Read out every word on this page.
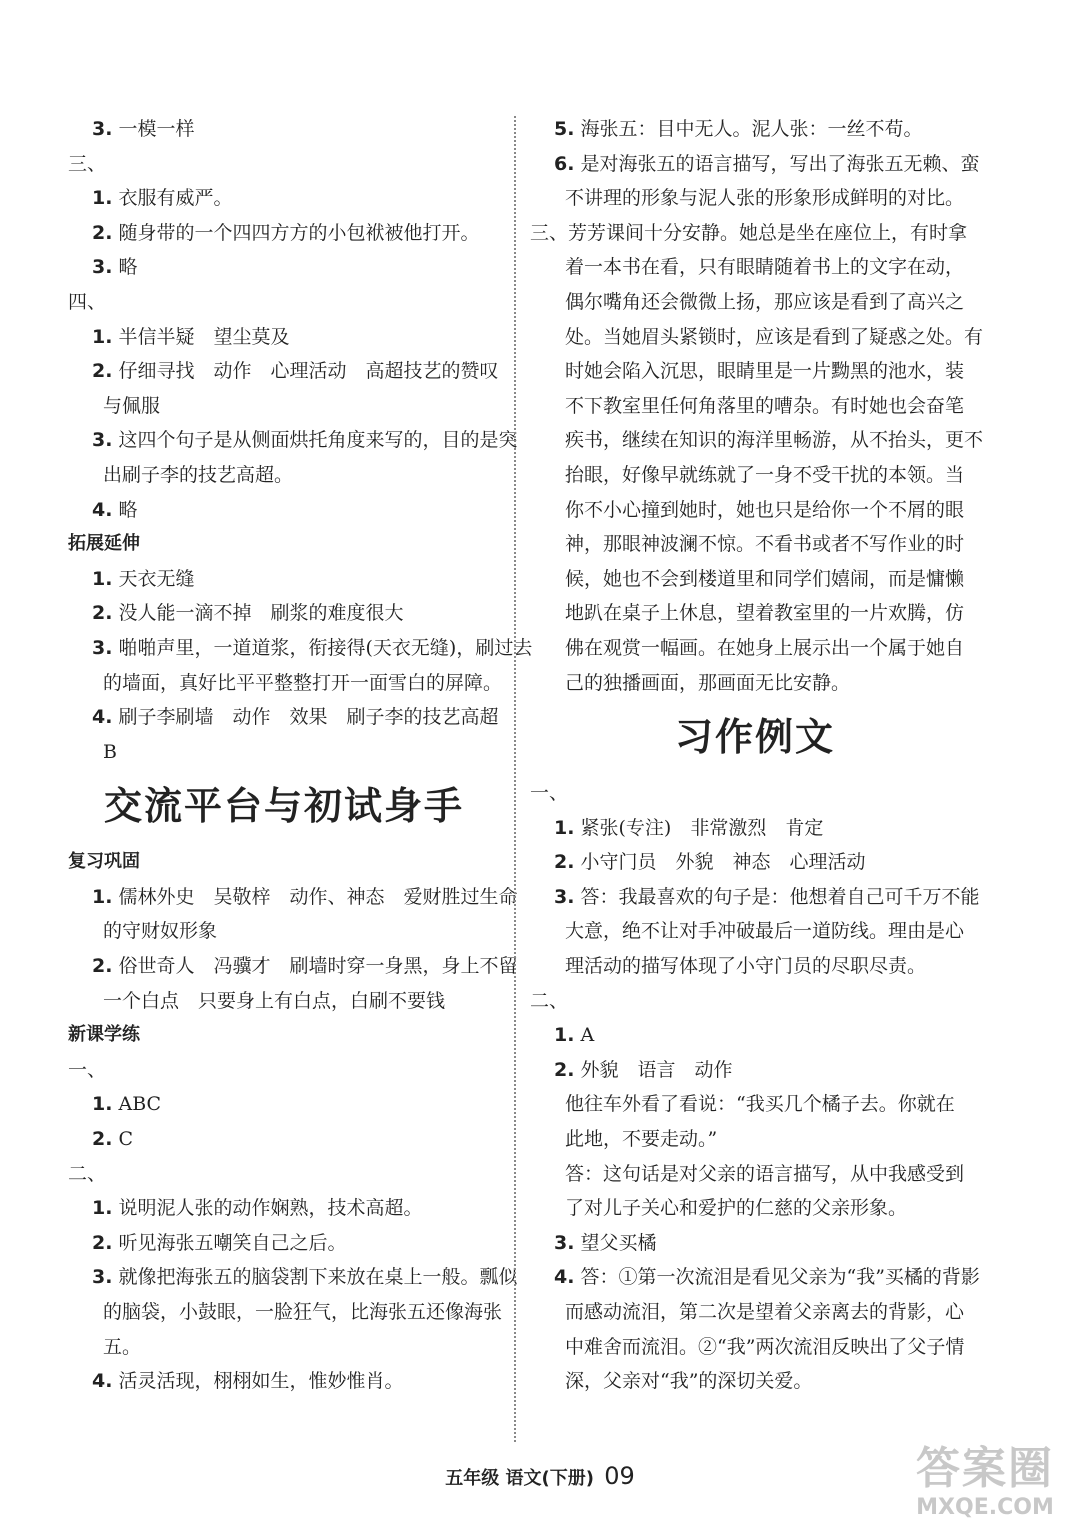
3. 一模一样
三、
1. 衣服有威严。
2. 随身带的一个四四方方的小包袱被他打开。
3. 略
四、
1. 半信半疑　望尘莫及
2. 仔细寻找　动作　心理活动　高超技艺的赞叹
与佩服
3. 这四个句子是从侧面烘托角度来写的，目的是突
出刷子李的技艺高超。
4. 略
拓展延伸
1. 天衣无缝
2. 没人能一滴不掉　刷浆的难度很大
3. 啪啪声里，一道道浆，衔接得(天衣无缝)，刷过去
的墙面，真好比平平整整打开一面雪白的屏障。
4. 刷子李刷墙　动作　效果　刷子李的技艺高超
B
交流平台与初试身手
复习巩固
1. 儒林外史　吴敬梓　动作、神态　爱财胜过生命
的守财奴形象
2. 俗世奇人　冯骥才　刷墙时穿一身黑，身上不留
一个白点　只要身上有白点，白刷不要钱
新课学练
一、
1. ABC
2. C
二、
1. 说明泥人张的动作娴熟，技术高超。
2. 听见海张五嘲笑自己之后。
3. 就像把海张五的脑袋割下来放在桌上一般。瓢似
的脑袋，小鼓眼，一脸狂气，比海张五还像海张
五。
4. 活灵活现，栩栩如生，惟妙惟肖。
5. 海张五：目中无人。泥人张：一丝不苟。
6. 是对海张五的语言描写，写出了海张五无赖、蛮
不讲理的形象与泥人张的形象形成鲜明的对比。
三、芳芳课间十分安静。她总是坐在座位上，有时拿
着一本书在看，只有眼睛随着书上的文字在动，
偶尔嘴角还会微微上扬，那应该是看到了高兴之
处。当她眉头紧锁时，应该是看到了疑惑之处。有
时她会陷入沉思，眼睛里是一片黝黑的池水，装
不下教室里任何角落里的嘈杂。有时她也会奋笔
疾书，继续在知识的海洋里畅游，从不抬头，更不
抬眼，好像早就练就了一身不受干扰的本领。当
你不小心撞到她时，她也只是给你一个不屑的眼
神，那眼神波澜不惊。不看书或者不写作业的时
候，她也不会到楼道里和同学们嬉闹，而是慵懒
地趴在桌子上休息，望着教室里的一片欢腾，仿
佛在观赏一幅画。在她身上展示出一个属于她自
己的独播画面，那画面无比安静。
习作例文
一、
1. 紧张(专注)　非常激烈　肯定
2. 小守门员　外貌　神态　心理活动
3. 答：我最喜欢的句子是：他想着自己可千万不能
大意，绝不让对手冲破最后一道防线。理由是心
理活动的描写体现了小守门员的尽职尽责。
二、
1. A
2. 外貌　语言　动作
他往车外看了看说：“我买几个橘子去。你就在
此地，不要走动。”
答：这句话是对父亲的语言描写，从中我感受到
了对儿子关心和爱护的仁慈的父亲形象。
3. 望父买橘
4. 答：①第一次流泪是看见父亲为“我”买橘的背影
而感动流泪，第二次是望着父亲离去的背影，心
中难舍而流泪。②“我”两次流泪反映出了父子情
深，父亲对“我”的深切关爱。
五年级 语文(下册) 09	答案圈
MXQE.COM
